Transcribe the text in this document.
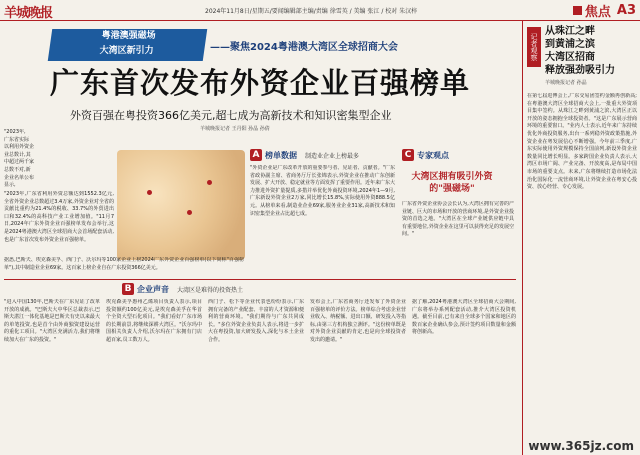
羊城晚报	2024年11月8日/星期五/要闻编辑部主编/责编 徐雪英 / 美编 张江 / 校对 朱汉梓	焦点 A3
粤港澳强磁场
大湾区新引力	——聚焦2024粤港澳大湾区全球招商大会
广东首次发布外资企业百强榜单
外资百强在粤投资366亿美元,超七成为高新技术和知识密集型企业
羊城晚报记者 王丹阳 孙晶 孙倩

"2023年,

广东省实际

以利用外资企

业总数计,其

中超过两千家

总数不对,新

企业名单公布

显示,

"2023年,广东省利用外资总额达到1552.3亿元,全省外资企业总数超过3.4万家,外资企业对全省的贡献比重约为21.4%的税收、33.7%的外贸进出口和32.4%的高科技产业工业增加值。"11月7日,2024年广东外资企业百强榜单发布会举行,这是2024粤港澳大湾区全球招商大会首场配套活动,也是广东首次发布外资企业百强榜单。

据悉,巴斯夫、埃克森美孚、西门子、沃尔玛等100家企业上榜2024广东外资企业百强榜单(以下简称"百强榜单"),其中制造业企业69家。这百家上榜企业自在广东投资366亿美元。

A 榜单数据 制造业企业上榜最多

"外资企业是广东改革开放的重要参与者、见证者、贡献者。"广东省政协副主席、省商务厅厅长张锦表示,外资企业在推动广东创新发展、扩大开放、稳定就业等方面发挥了重要作用。近年来广东大力推进外资扩量提质,多措并举优化外商投资环境,2024年1—9月,广东新设外资企业2万家,同比增长15.8%,实际使用外资888.5亿元。从榜单来看,制造业企业69家,服务业企业31家,高新技术和知识密集型企业占比超七成。

C 专家观点
大湾区拥有吸引外资的"强磁场"

广东省外资企业协会会长认为,大湾区拥有完善的产业链、巨大的市场和开放的营商环境,是外资企业投资的首选之地。"大湾区在全球产业链供应链中具有重要地位,外资企业在这里可以获得充足的发展空间。"

B 企业声音 大湾区是难得的投资热土

"进入中国130年,巴斯夫在广东见证了改革开放的成就。"巴斯夫大中华区总裁表示,巴斯夫湛江一体化基地是巴斯夫有史以来最大的单笔投资,也是首个由外商独资建设运营的重化工项目。"大湾区充满活力,我们将继续加大在广东的投资。"

埃克森美孚惠州乙烯项目负责人表示,项目投资额约100亿美元,是埃克森美孚在华首个全资大型石化项目。"我们看好广东市场的长期前景,将继续深耕大湾区。"沃尔玛中国相关负责人介绍,沃尔玛在广东拥有门店超百家,员工数万人。

西门子、松下等企业代表也纷纷表示,广东拥有完备的产业配套、丰富的人才资源和便利的营商环境。"我们期待与广东共同成长。"多位外资企业负责人表示,将进一步扩大在粤投资,加大研发投入,深化与本土企业合作。

发布会上,广东省商务厅还发布了外资企业百强榜单的评价方法。榜单综合考虑企业营业收入、纳税额、进出口额、研发投入等指标,由第三方机构独立测评。"这份榜单既是对外资企业贡献的肯定,也是向全球投资者发出的邀请。"

据了解,2024粤港澳大湾区全球招商大会期间,广东将举办系列配套活动,推介大湾区投资机遇。截至目前,已有来自全球多个国家和地区的数百家企业确认参会,预计签约项目数量和金额将创新高。

记者观察
从珠江之畔
到黄浦之滨
大湾区招商
释放强劲吸引力
羊城晚报记者 孙晶

在第七届进博会上,广东交易团签约金额再创新高;在粤港澳大湾区全球招商大会上,一批重大外资项目集中签约。从珠江之畔到黄浦之滨,大湾区正以开放的姿态拥抱全球投资者。"这是广东展示营商环境的重要窗口。"业内人士表示,近年来广东持续优化外商投资服务,出台一系列稳外资政策措施,外资企业在粤发展信心不断增强。今年前三季度,广东实际使用外资规模保持全国前列,新设外资企业数量同比增长明显。多家跨国企业负责人表示,大湾区市场广阔、产业完备、开放度高,是布局中国市场的重要支点。未来,广东将继续打造市场化法治化国际化一流营商环境,让外资企业在粤安心投资、放心经营、专心发展。

www.365jz.com
